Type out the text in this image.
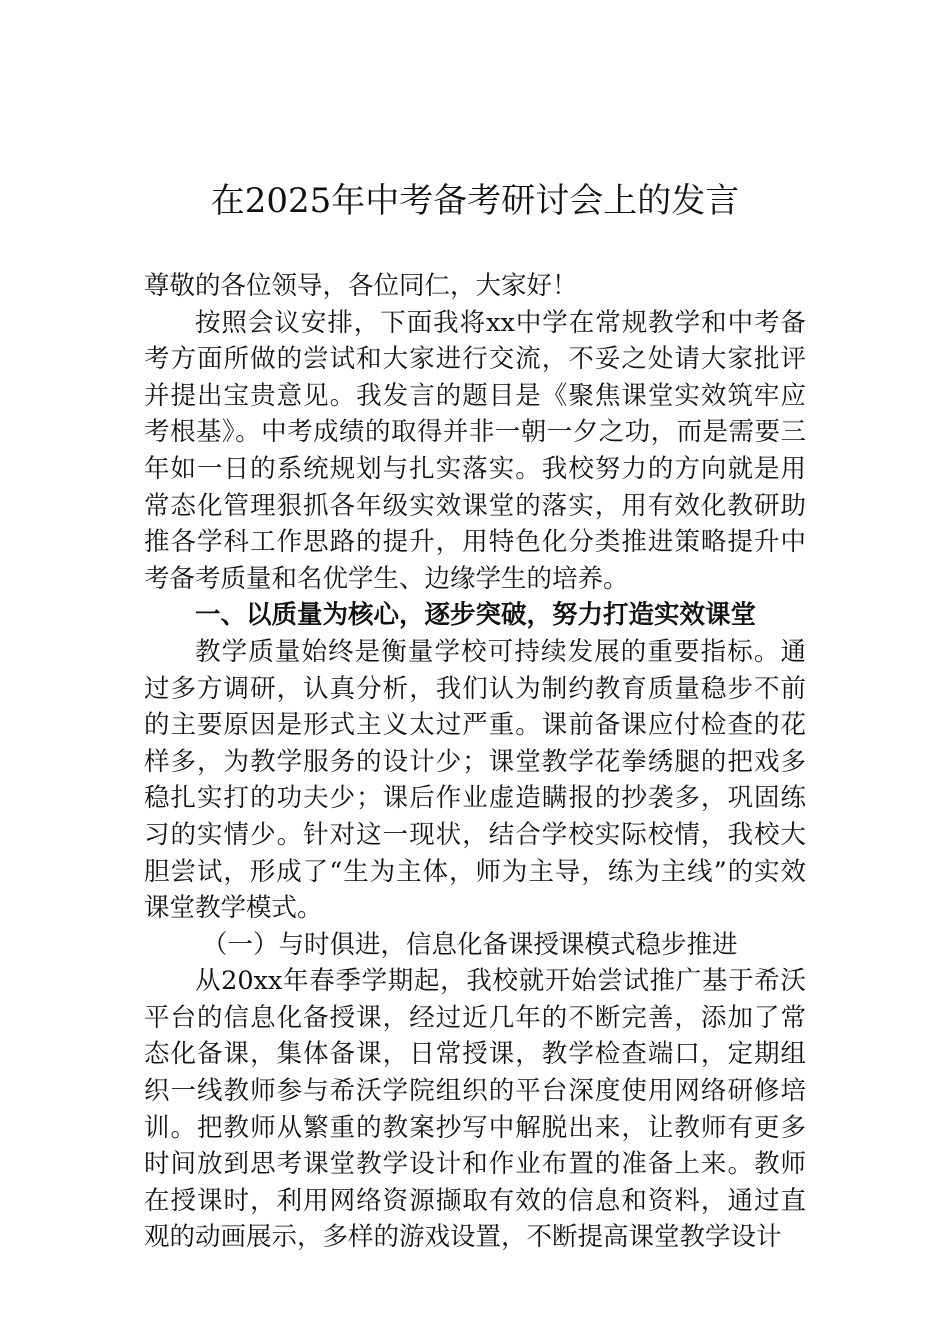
在2025年中考备考研讨会上的发言

尊敬的各位领导，各位同仁，大家好！

按照会议安排，下面我将xx中学在常规教学和中考备考方面所做的尝试和大家进行交流，不妥之处请大家批评并提出宝贵意见。我发言的题目是《聚焦课堂实效筑牢应考根基》。中考成绩的取得并非一朝一夕之功，而是需要三年如一日的系统规划与扎实落实。我校努力的方向就是用常态化管理狠抓各年级实效课堂的落实，用有效化教研助推各学科工作思路的提升，用特色化分类推进策略提升中考备考质量和名优学生、边缘学生的培养。

一、以质量为核心，逐步突破，努力打造实效课堂

教学质量始终是衡量学校可持续发展的重要指标。通过多方调研，认真分析，我们认为制约教育质量稳步不前的主要原因是形式主义太过严重。课前备课应付检查的花样多，为教学服务的设计少；课堂教学花拳绣腿的把戏多稳扎实打的功夫少；课后作业虚造瞒报的抄袭多，巩固练习的实情少。针对这一现状，结合学校实际校情，我校大胆尝试，形成了“生为主体，师为主导，练为主线”的实效课堂教学模式。

（一）与时俱进，信息化备课授课模式稳步推进

从20xx年春季学期起，我校就开始尝试推广基于希沃平台的信息化备授课，经过近几年的不断完善，添加了常态化备课，集体备课，日常授课，教学检查端口，定期组织一线教师参与希沃学院组织的平台深度使用网络研修培训。把教师从繁重的教案抄写中解脱出来，让教师有更多时间放到思考课堂教学设计和作业布置的准备上来。教师在授课时，利用网络资源撷取有效的信息和资料，通过直观的动画展示，多样的游戏设置，不断提高课堂教学设计
